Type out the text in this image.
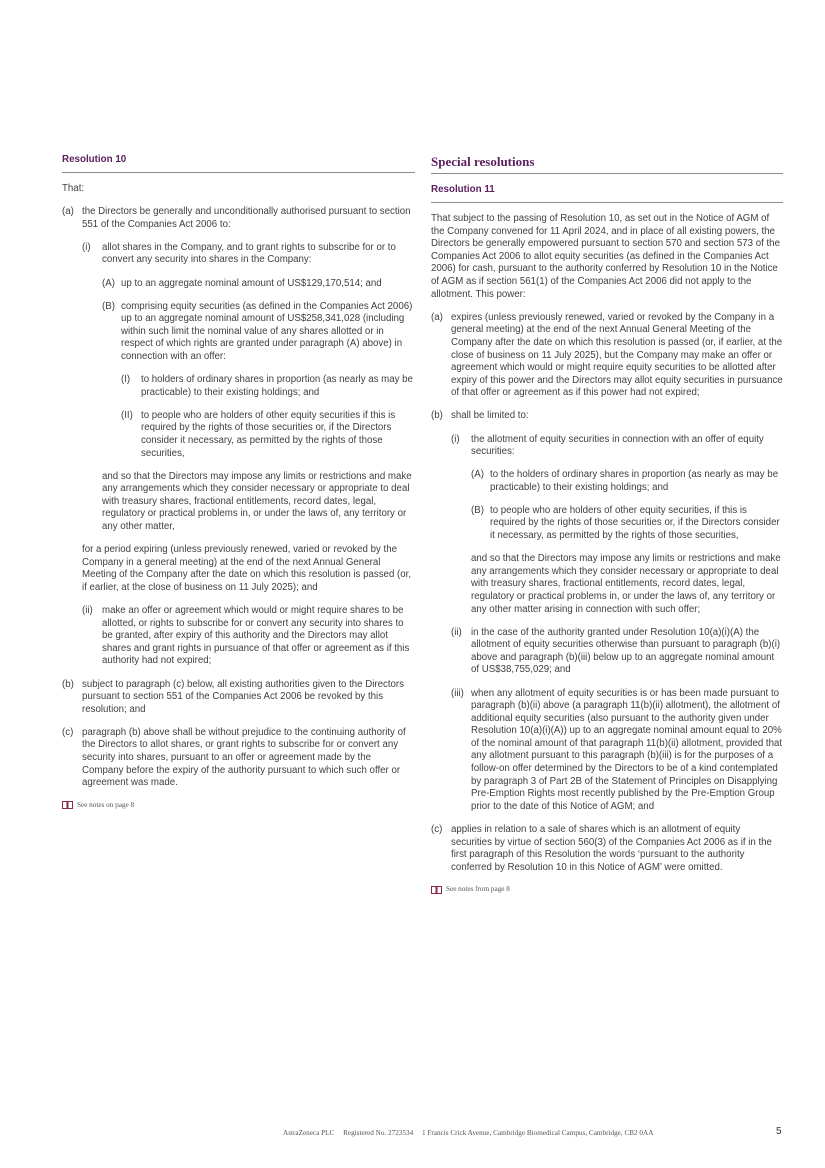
Resolution 10

That:

(a) the Directors be generally and unconditionally authorised pursuant to section 551 of the Companies Act 2006 to:

(i)	allot shares in the Company, and to grant rights to subscribe for or to convert any security into shares in the Company:

(A) up to an aggregate nominal amount of US$129,170,514; and

(B) comprising equity securities (as defined in the Companies Act 2006) up to an aggregate nominal amount of US$258,341,028 (including within such limit the nominal value of any shares allotted or in respect of which rights are granted under paragraph (A) above) in connection with an offer:

(I)	to holders of ordinary shares in proportion (as nearly as may be practicable) to their existing holdings; and

(II) to people who are holders of other equity securities if this is required by the rights of those securities or, if the Directors consider it necessary, as permitted by the rights of those securities,

and so that the Directors may impose any limits or restrictions and make any arrangements which they consider necessary or appropriate to deal with treasury shares, fractional entitlements, record dates, legal, regulatory or practical problems in, or under the laws of, any territory or any other matter,

for a period expiring (unless previously renewed, varied or revoked by the Company in a general meeting) at the end of the next Annual General Meeting of the Company after the date on which this resolution is passed (or, if earlier, at the close of business on 11 July 2025); and

(ii) make an offer or agreement which would or might require shares to be allotted, or rights to subscribe for or convert any security into shares to be granted, after expiry of this authority and the Directors may allot shares and grant rights in pursuance of that offer or agreement as if this authority had not expired;

(b) subject to paragraph (c) below, all existing authorities given to the Directors pursuant to section 551 of the Companies Act 2006 be revoked by this resolution; and

(c) paragraph (b) above shall be without prejudice to the continuing authority of the Directors to allot shares, or grant rights to subscribe for or convert any security into shares, pursuant to an offer or agreement made by the Company before the expiry of the authority pursuant to which such offer or agreement was made.

See notes on page 8
Special resolutions
Resolution 11

That subject to the passing of Resolution 10, as set out in the Notice of AGM of the Company convened for 11 April 2024, and in place of all existing powers, the Directors be generally empowered pursuant to section 570 and section 573 of the Companies Act 2006 to allot equity securities (as defined in the Companies Act 2006) for cash, pursuant to the authority conferred by Resolution 10 in the Notice of AGM as if section 561(1) of the Companies Act 2006 did not apply to the allotment. This power:

(a) expires (unless previously renewed, varied or revoked by the Company in a general meeting) at the end of the next Annual General Meeting of the Company after the date on which this resolution is passed (or, if earlier, at the close of business on 11 July 2025), but the Company may make an offer or agreement which would or might require equity securities to be allotted after expiry of this power and the Directors may allot equity securities in pursuance of that offer or agreement as if this power had not expired;

(b) shall be limited to:

(i)	the allotment of equity securities in connection with an offer of equity securities:

(A) to the holders of ordinary shares in proportion (as nearly as may be practicable) to their existing holdings; and

(B) to people who are holders of other equity securities, if this is required by the rights of those securities or, if the Directors consider it necessary, as permitted by the rights of those securities,

and so that the Directors may impose any limits or restrictions and make any arrangements which they consider necessary or appropriate to deal with treasury shares, fractional entitlements, record dates, legal, regulatory or practical problems in, or under the laws of, any territory or any other matter arising in connection with such offer;

(ii) in the case of the authority granted under Resolution 10(a)(i)(A) the allotment of equity securities otherwise than pursuant to paragraph (b)(i) above and paragraph (b)(iii) below up to an aggregate nominal amount of US$38,755,029; and

(iii) when any allotment of equity securities is or has been made pursuant to paragraph (b)(ii) above (a paragraph 11(b)(ii) allotment), the allotment of additional equity securities (also pursuant to the authority given under Resolution 10(a)(i)(A)) up to an aggregate nominal amount equal to 20% of the nominal amount of that paragraph 11(b)(ii) allotment, provided that any allotment pursuant to this paragraph (b)(iii) is for the purposes of a follow-on offer determined by the Directors to be of a kind contemplated by paragraph 3 of Part 2B of the Statement of Principles on Disapplying Pre-Emption Rights most recently published by the Pre-Emption Group prior to the date of this Notice of AGM; and

(c) applies in relation to a sale of shares which is an allotment of equity securities by virtue of section 560(3) of the Companies Act 2006 as if in the first paragraph of this Resolution the words ‘pursuant to the authority conferred by Resolution 10 in this Notice of AGM’ were omitted.

See notes from page 8
AstraZeneca PLC Registered No. 2723534 1 Francis Crick Avenue, Cambridge Biomedical Campus, Cambridge, CB2 0AA	5
